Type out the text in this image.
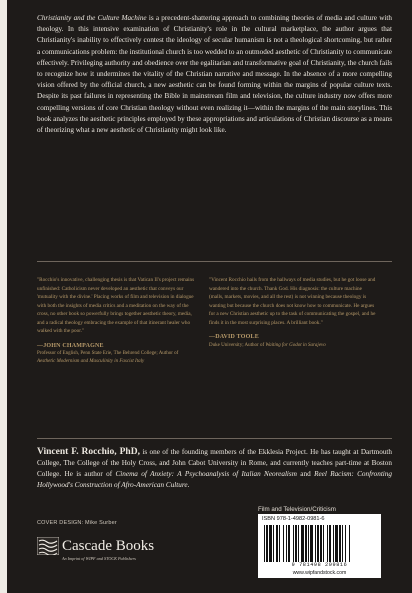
Christianity and the Culture Machine is a precedent-shattering approach to combining theories of media and culture with theology. In this intensive examination of Christianity's role in the cultural marketplace, the author argues that Christianity's inability to effectively contest the ideology of secular humanism is not a theological shortcoming, but rather a communications problem: the institutional church is too wedded to an outmoded aesthetic of Christianity to communicate effectively. Privileging authority and obedience over the egalitarian and transformative goal of Christianity, the church fails to recognize how it undermines the vitality of the Christian narrative and message. In the absence of a more compelling vision offered by the official church, a new aesthetic can be found forming within the margins of popular culture texts. Despite its past failures in representing the Bible in mainstream film and television, the culture industry now offers more compelling versions of core Christian theology without even realizing it—within the margins of the main storylines. This book analyzes the aesthetic principles employed by these appropriations and articulations of Christian discourse as a means of theorizing what a new aesthetic of Christianity might look like.
"Rocchio's innovative, challenging thesis is that Vatican II's project remains unfinished: Catholicism never developed an aesthetic that conveys our 'mutuality with the divine.' Placing works of film and television in dialogue with both the insights of media critics and a meditation on the way of the cross, no other book so powerfully brings together aesthetic theory, media, and a radical theology embracing the example of that itinerant healer who walked with the poor."
—JOHN CHAMPAGNE
Professor of English, Penn State Erie, The Behrend College; Author of Aesthetic Modernism and Masculinity in Fascist Italy
"Vincent Rocchio hails from the hallways of media studies, but he got loose and wandered into the church. Thank God. His diagnosis: the culture machine (malls, markets, movies, and all the rest) is not winning because theology is wanting but because the church does not know how to communicate. He argues for a new Christian aesthetic up to the task of communicating the gospel, and he finds it in the most surprising places. A brilliant book."
—DAVID TOOLE
Duke University; Author of Waiting for Godot in Sarajevo
Vincent F. Rocchio, PhD, is one of the founding members of the Ekklesia Project. He has taught at Dartmouth College, The College of the Holy Cross, and John Cabot University in Rome, and currently teaches part-time at Boston College. He is author of Cinema of Anxiety: A Psychoanalysis of Italian Neorealism and Reel Racism: Confronting Hollywood's Construction of Afro-American Culture.
COVER DESIGN: Mike Surber
Cascade Books
An Imprint of WIPF and STOCK Publishers
Film and Television/Criticism
ISBN 978-1-4982-0981-6
9 781498 209816
www.wipfandstock.com
